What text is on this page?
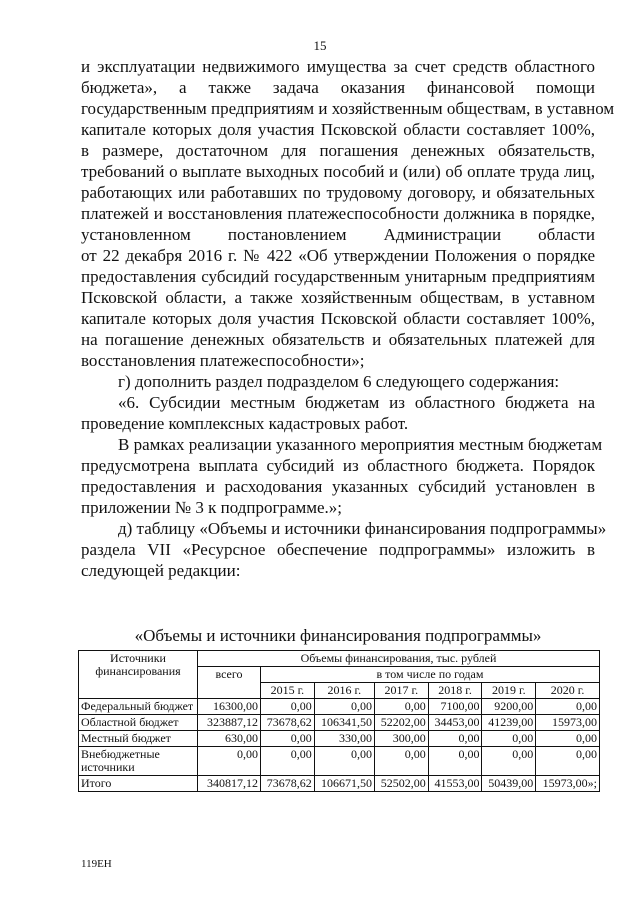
15
и эксплуатации недвижимого имущества за счет средств областного
бюджета», а также задача оказания финансовой помощи
государственным предприятиям и хозяйственным обществам, в уставном
капитале которых доля участия Псковской области составляет 100%,
в размере, достаточном для погашения денежных обязательств,
требований о выплате выходных пособий и (или) об оплате труда лиц,
работающих или работавших по трудовому договору, и обязательных
платежей и восстановления платежеспособности должника в порядке,
установленном постановлением Администрации области
от 22 декабря 2016 г. № 422 «Об утверждении Положения о порядке
предоставления субсидий государственным унитарным предприятиям
Псковской области, а также хозяйственным обществам, в уставном
капитале которых доля участия Псковской области составляет 100%,
на погашение денежных обязательств и обязательных платежей для
восстановления платежеспособности»;
г) дополнить раздел подразделом 6 следующего содержания:
«6. Субсидии местным бюджетам из областного бюджета на
проведение комплексных кадастровых работ.
В рамках реализации указанного мероприятия местным бюджетам
предусмотрена выплата субсидий из областного бюджета. Порядок
предоставления и расходования указанных субсидий установлен в
приложении № 3 к подпрограмме.»;
д) таблицу «Объемы и источники финансирования подпрограммы»
раздела VII «Ресурсное обеспечение подпрограммы» изложить в
следующей редакции:
«Объемы и источники финансирования подпрограммы»
Источники финансирования	Объемы финансирования, тыс. рублей						
	всего	в том числе по годам					
		2015 г.	2016 г.	2017 г.	2018 г.	2019 г.	2020 г.
Федеральный бюджет	16300,00	0,00	0,00	0,00	7100,00	9200,00	0,00
Областной бюджет	323887,12	73678,62	106341,50	52202,00	34453,00	41239,00	15973,00
Местный бюджет	630,00	0,00	330,00	300,00	0,00	0,00	0,00
Внебюджетные источники	0,00	0,00	0,00	0,00	0,00	0,00	0,00
Итого	340817,12	73678,62	106671,50	52502,00	41553,00	50439,00	15973,00»;
119ЕН
